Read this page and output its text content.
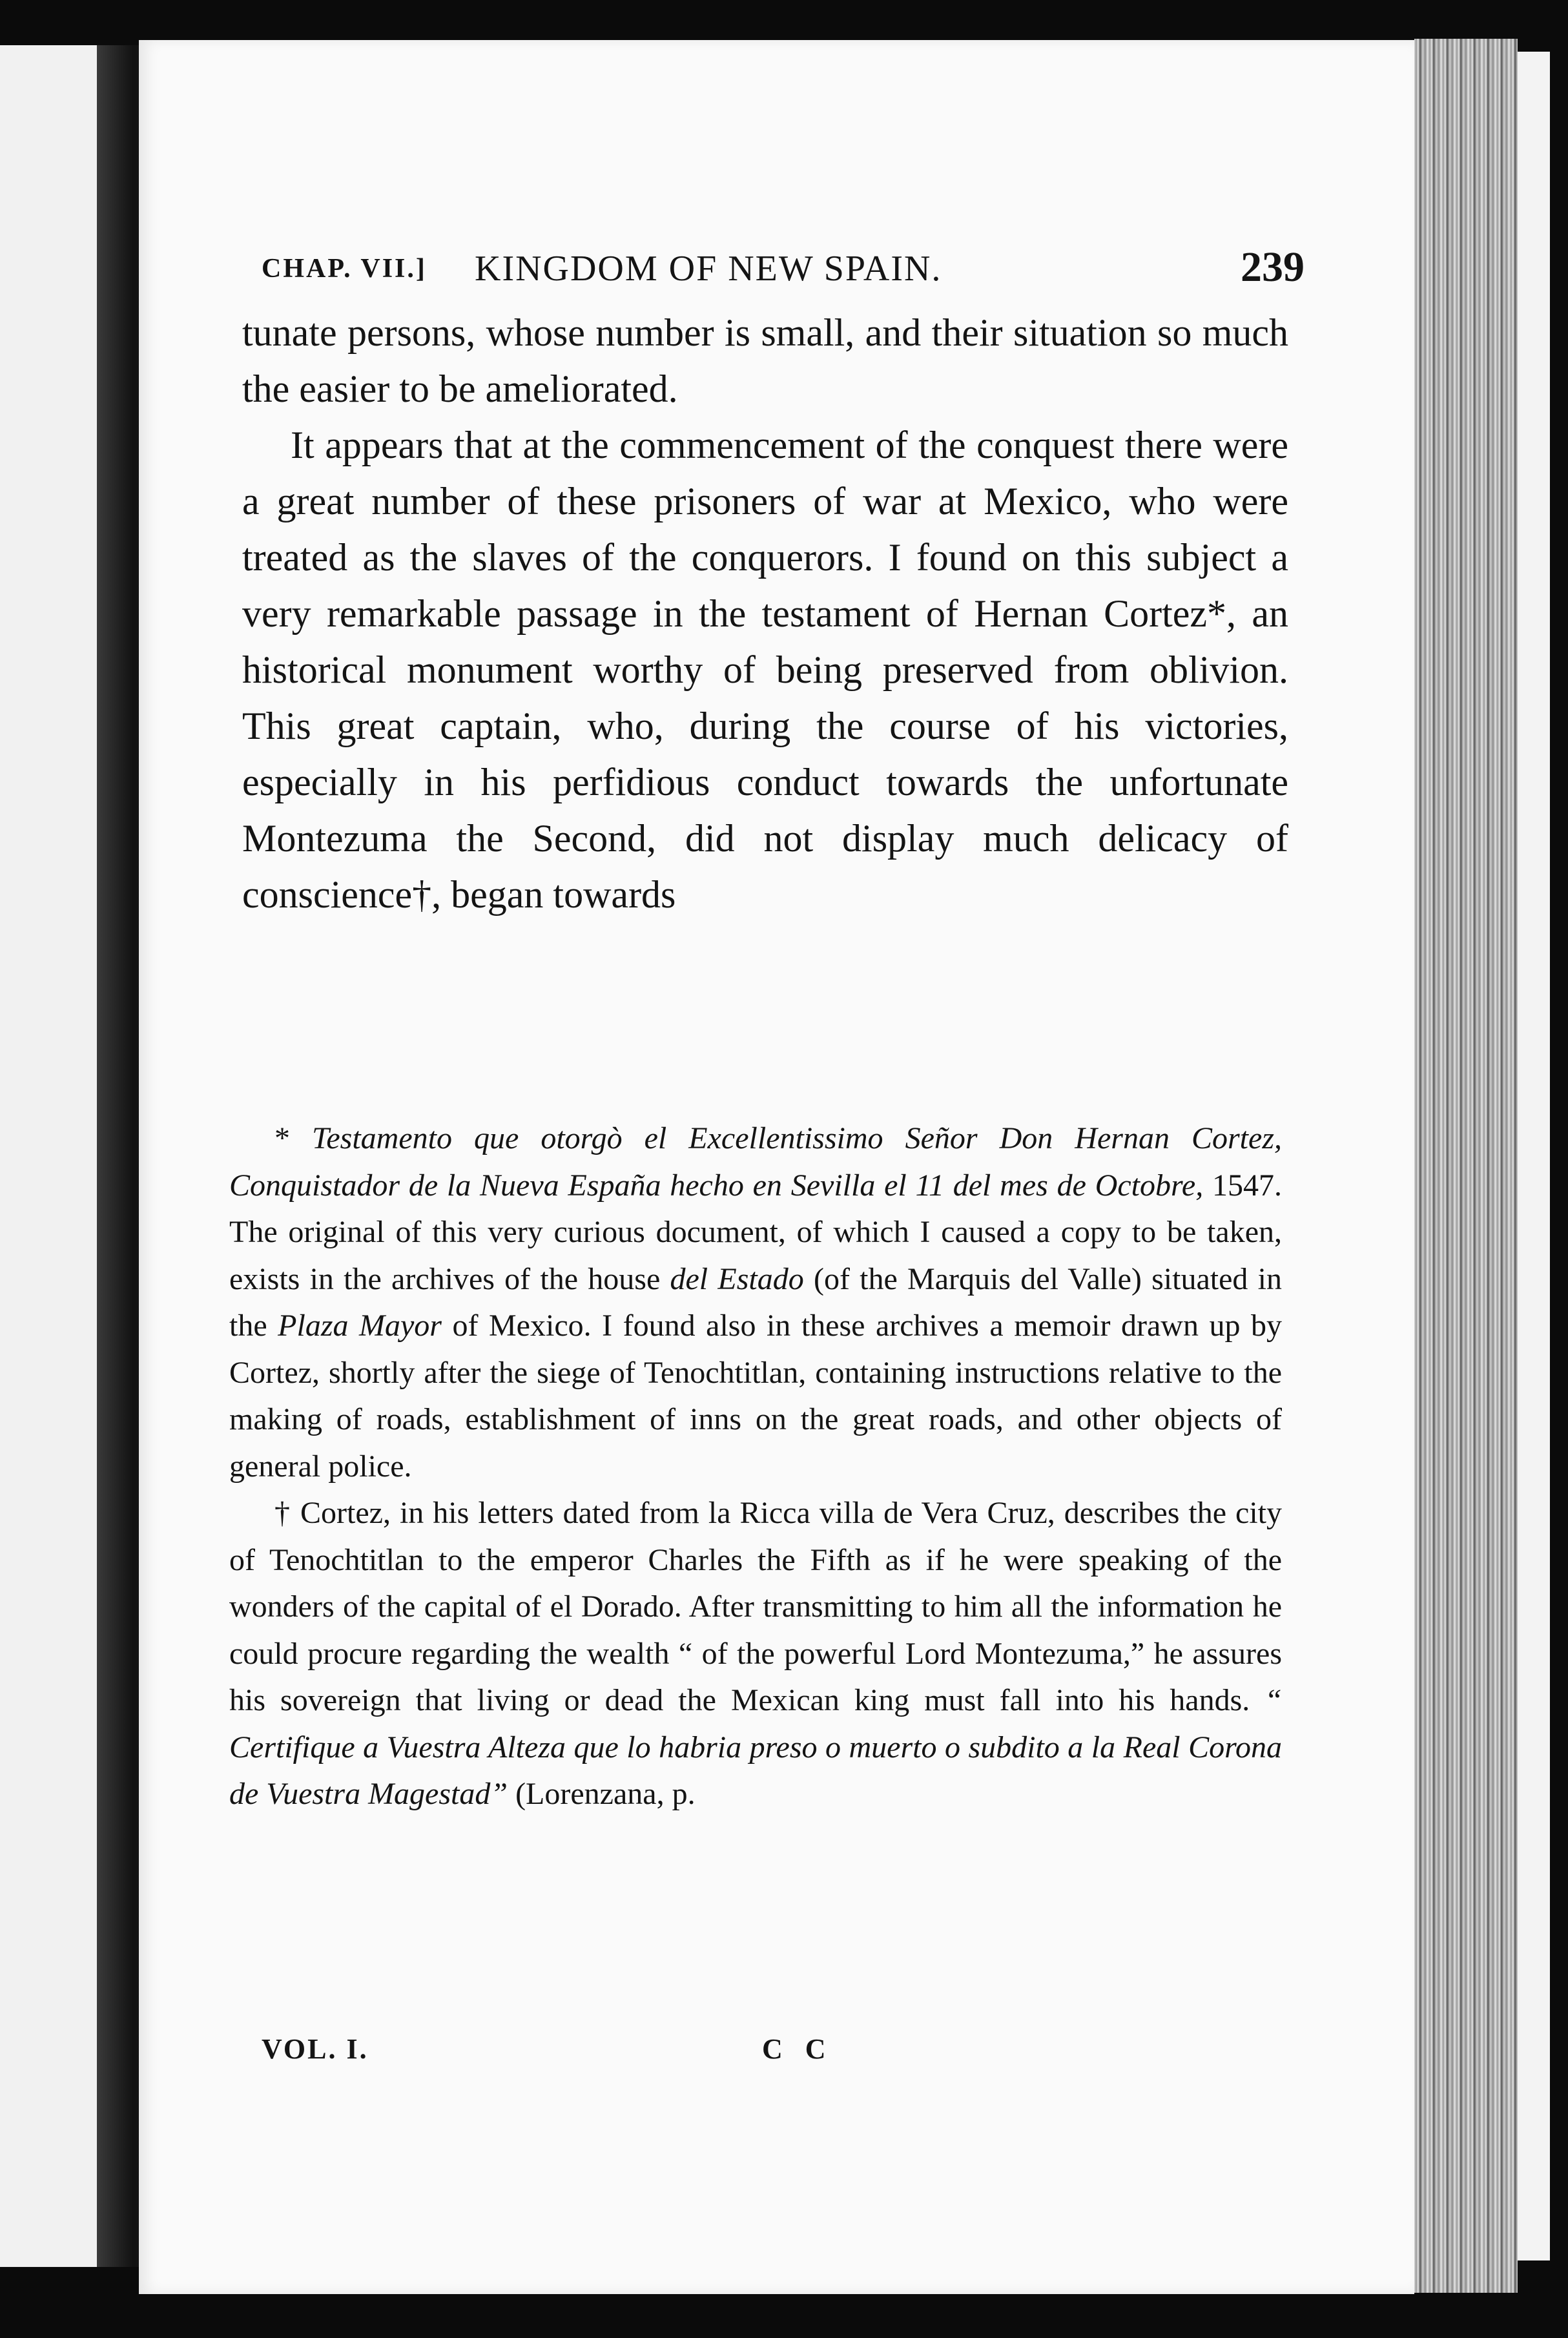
CHAP. VII.] KINGDOM OF NEW SPAIN.	239

tunate persons, whose number is small, and their situation so much the easier to be ameliorated.

It appears that at the commencement of the conquest there were a great number of these prisoners of war at Mexico, who were treated as the slaves of the conquerors. I found on this subject a very remarkable passage in the testament of Hernan Cortez*, an historical monument worthy of being preserved from oblivion. This great captain, who, during the course of his victories, especially in his perfidious conduct towards the unfortunate Montezuma the Second, did not display much delicacy of conscience†, began towards

* Testamento que otorgò el Excellentissimo Señor Don Hernan Cortez, Conquistador de la Nueva España hecho en Sevilla el 11 del mes de Octobre, 1547. The original of this very curious document, of which I caused a copy to be taken, exists in the archives of the house del Estado (of the Marquis del Valle) situated in the Plaza Mayor of Mexico. I found also in these archives a memoir drawn up by Cortez, shortly after the siege of Tenochtitlan, containing instructions relative to the making of roads, establishment of inns on the great roads, and other objects of general police.

† Cortez, in his letters dated from la Ricca villa de Vera Cruz, describes the city of Tenochtitlan to the emperor Charles the Fifth as if he were speaking of the wonders of the capital of el Dorado. After transmitting to him all the information he could procure regarding the wealth “ of the powerful Lord Montezuma,” he assures his sovereign that living or dead the Mexican king must fall into his hands. “ Certifique a Vuestra Alteza que lo habria preso o muerto o subdito a la Real Corona de Vuestra Magestad” (Lorenzana, p.

VOL. I.	C C
